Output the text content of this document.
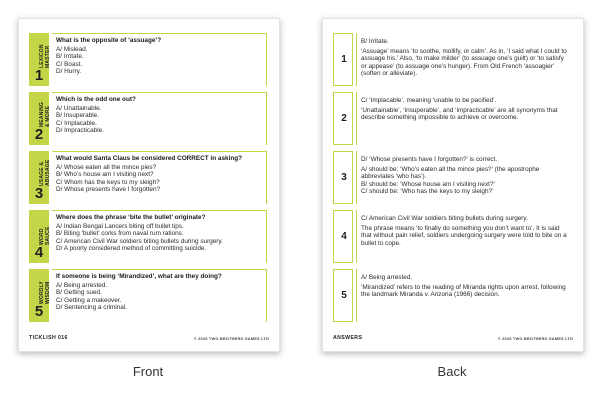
LEXICON
MASTER
1
What is the opposite of ‘assuage’?
A/ Mislead.
B/ Irritate.
C/ Boast.
D/ Hurry.
MEANING
& MORE
2
Which is the odd one out?
A/ Unattainable.
B/ Insuperable.
C/ Implacable.
D/ Impracticable.
USAGE &
ABUSAGE
3
What would Santa Claus be considered CORRECT in asking?
A/ Whose eaten all the mince pies?
B/ Who’s house am I visiting next?
C/ Whom has the keys to my sleigh?
D/ Whose presents have I forgotten?
WORD
SAUCE
4
Where does the phrase ‘bite the bullet’ originate?
A/ Indian Bengal Lancers biting off bullet tips.
B/ Biting ‘bullet’ corks from naval rum rations.
C/ American Civil War soldiers biting bullets during surgery.
D/ A poorly considered method of committing suicide.
WORDLY
WISDOM
5
If someone is being ‘Mirandized’, what are they doing?
A/ Being arrested.
B/ Getting sued.
C/ Getting a makeover.
D/ Sentencing a criminal.
TICKLISH 016	© 2025 TWO BROTHERS GAMES LTD
1
B/ Irritate.
‘Assuage’ means ‘to soothe, mollify, or calm’. As in, ‘I said what I could to assuage his.’ Also, ‘to make milder’ (to assuage one’s guilt) or ‘to satisfy or appease’ (to assuage one’s hunger). From Old French ‘assoagier’ (soften or alleviate).
2
C/ ‘Implacable’, meaning ‘unable to be pacified’.
‘Unattainable’, ‘insuperable’, and ‘impracticable’ are all synonyms that describe something impossible to achieve or overcome.
3
D/ ‘Whose presents have I forgotten?’ is correct.
A/ should be: ‘Who’s eaten all the mince pies?’ (the apostrophe abbreviates ‘who has’).
B/ should be: ‘Whose house am I visiting next?’
C/ should be: ‘Who has the keys to my sleigh?’
4
C/ American Civil War soldiers biting bullets during surgery.
The phrase means ‘to finally do something you don’t want to’. It is said that without pain relief, soldiers undergoing surgery were told to bite on a bullet to cope.
5
A/ Being arrested.
‘Mirandized’ refers to the reading of Miranda rights upon arrest, following the landmark Miranda v. Arizona (1966) decision.
ANSWERS	© 2025 TWO BROTHERS GAMES LTD
Front	Back
